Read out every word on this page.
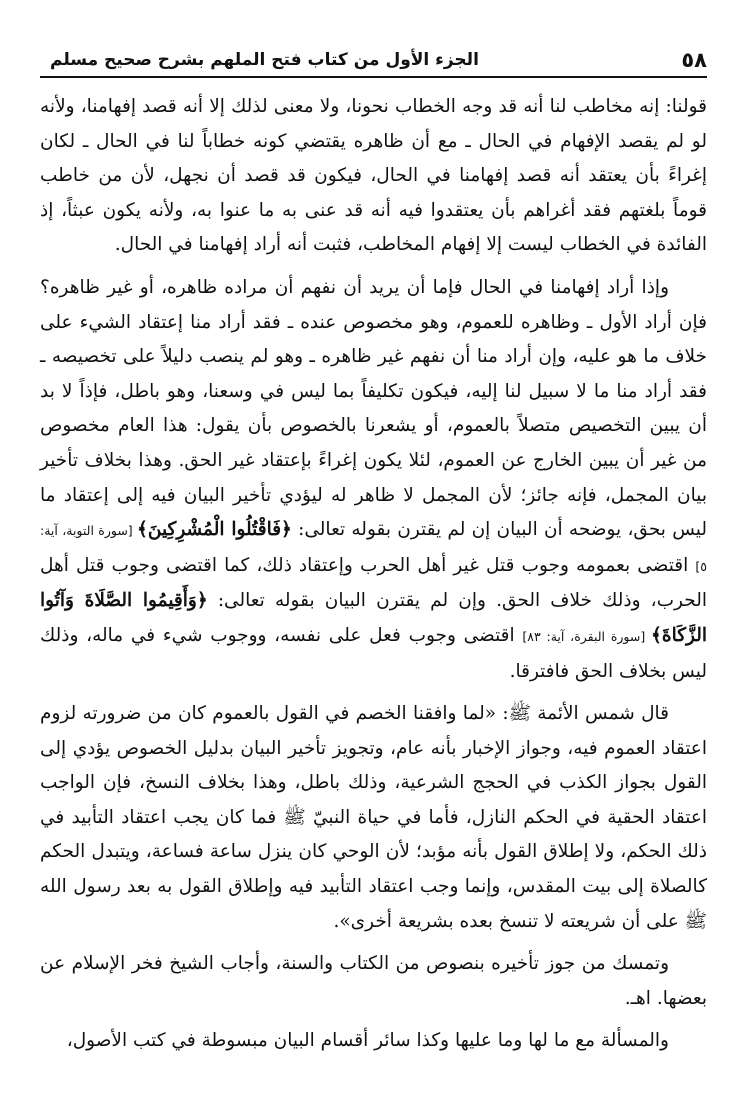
٥٨
الجزء الأول من كتاب فتح الملهم بشرح صحيح مسلم

قولنا: إنه مخاطب لنا أنه قد وجه الخطاب نحونا، ولا معنى لذلك إلا أنه قصد إفهامنا، ولأنه لو لم يقصد الإفهام في الحال ـ مع أن ظاهره يقتضي كونه خطاباً لنا في الحال ـ لكان إغراءً بأن يعتقد أنه قصد إفهامنا في الحال، فيكون قد قصد أن نجهل، لأن من خاطب قوماً بلغتهم فقد أغراهم بأن يعتقدوا فيه أنه قد عنى به ما عنوا به، ولأنه يكون عبثاً، إذ الفائدة في الخطاب ليست إلا إفهام المخاطب، فثبت أنه أراد إفهامنا في الحال.

وإذا أراد إفهامنا في الحال فإما أن يريد أن نفهم أن مراده ظاهره، أو غير ظاهره؟ فإن أراد الأول ـ وظاهره للعموم، وهو مخصوص عنده ـ فقد أراد منا إعتقاد الشيء على خلاف ما هو عليه، وإن أراد منا أن نفهم غير ظاهره ـ وهو لم ينصب دليلاً على تخصيصه ـ فقد أراد منا ما لا سبيل لنا إليه، فيكون تكليفاً بما ليس في وسعنا، وهو باطل، فإذاً لا بد أن يبين التخصيص متصلاً بالعموم، أو يشعرنا بالخصوص بأن يقول: هذا العام مخصوص من غير أن يبين الخارج عن العموم، لئلا يكون إغراءً بإعتقاد غير الحق. وهذا بخلاف تأخير بيان المجمل، فإنه جائز؛ لأن المجمل لا ظاهر له ليؤدي تأخير البيان فيه إلى إعتقاد ما ليس بحق، يوضحه أن البيان إن لم يقترن بقوله تعالى: ﴿فَاقْتُلُوا الْمُشْرِكِينَ﴾ [سورة التوبة، آية: ٥] اقتضى بعمومه وجوب قتل غير أهل الحرب وإعتقاد ذلك، كما اقتضى وجوب قتل أهل الحرب، وذلك خلاف الحق. وإن لم يقترن البيان بقوله تعالى: ﴿وَأَقِيمُوا الصَّلَاةَ وَآتُوا الزَّكَاةَ﴾ [سورة البقرة، آية: ٨٣] اقتضى وجوب فعل على نفسه، ووجوب شيء في ماله، وذلك ليس بخلاف الحق فافترقا.

قال شمس الأئمة ﷺ: «لما وافقنا الخصم في القول بالعموم كان من ضرورته لزوم اعتقاد العموم فيه، وجواز الإخبار بأنه عام، وتجويز تأخير البيان بدليل الخصوص يؤدي إلى القول بجواز الكذب في الحجج الشرعية، وذلك باطل، وهذا بخلاف النسخ، فإن الواجب اعتقاد الحقية في الحكم النازل، فأما في حياة النبيّ ﷺ فما كان يجب اعتقاد التأبيد في ذلك الحكم، ولا إطلاق القول بأنه مؤبد؛ لأن الوحي كان ينزل ساعة فساعة، ويتبدل الحكم كالصلاة إلى بيت المقدس، وإنما وجب اعتقاد التأبيد فيه وإطلاق القول به بعد رسول الله ﷺ على أن شريعته لا تنسخ بعده بشريعة أخرى».

وتمسك من جوز تأخيره بنصوص من الكتاب والسنة، وأجاب الشيخ فخر الإسلام عن بعضها. اهـ.

والمسألة مع ما لها وما عليها وكذا سائر أقسام البيان مبسوطة في كتب الأصول،
